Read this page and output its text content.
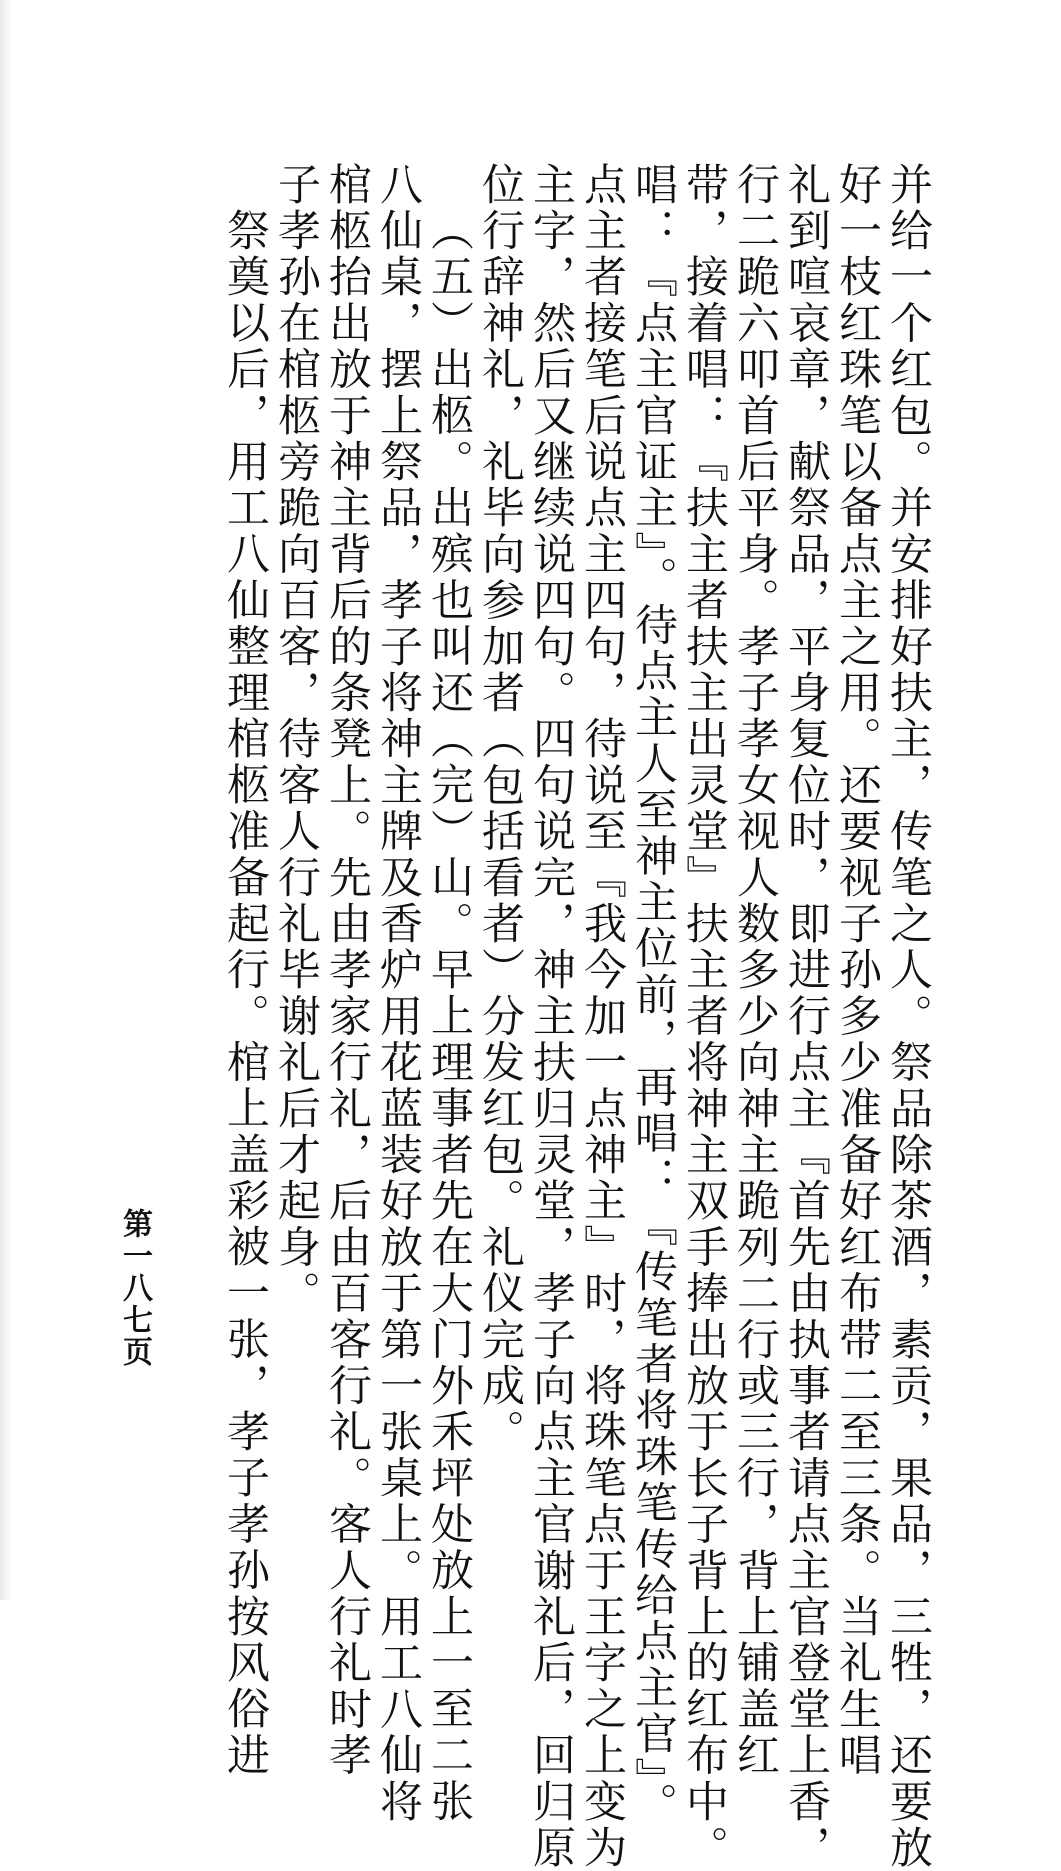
并给一个红包。并安排好扶主，传笔之人。祭品除茶酒，素贡，果品，三牲，还要放
好一枝红珠笔以备点主之用。还要视子孙多少准备好红布带二至三条。当礼生唱
礼到喧哀章，献祭品，平身复位时，即进行点主『首先由执事者请点主官登堂上香，
行二跪六叩首后平身。孝子孝女视人数多少向神主跪列二行或三行，背上铺盖红
带，接着唱：『扶主者扶主出灵堂』扶主者将神主双手捧出放于长子背上的红布中。
唱：『点主官证主』。待点主人至神主位前，再唱：『传笔者将珠笔传给点主官』。
点主者接笔后说点主四句，待说至『我今加一点神主』时，将珠笔点于王字之上变为
主字，然后又继续说四句。四句说完，神主扶归灵堂，孝子向点主官谢礼后，回归原
位行辞神礼，礼毕向参加者（包括看者）分发红包。礼仪完成。
（五）出柩。出殡也叫还（完）山。早上理事者先在大门外禾坪处放上一至二张
八仙桌，摆上祭品，孝子将神主牌及香炉用花蓝装好放于第一张桌上。用工八仙将
棺柩抬出放于神主背后的条凳上。先由孝家行礼，后由百客行礼。客人行礼时孝
子孝孙在棺柩旁跪向百客，待客人行礼毕谢礼后才起身。
祭奠以后，用工八仙整理棺柩准备起行。棺上盖彩被一张，孝子孝孙按风俗进
第一八七页
